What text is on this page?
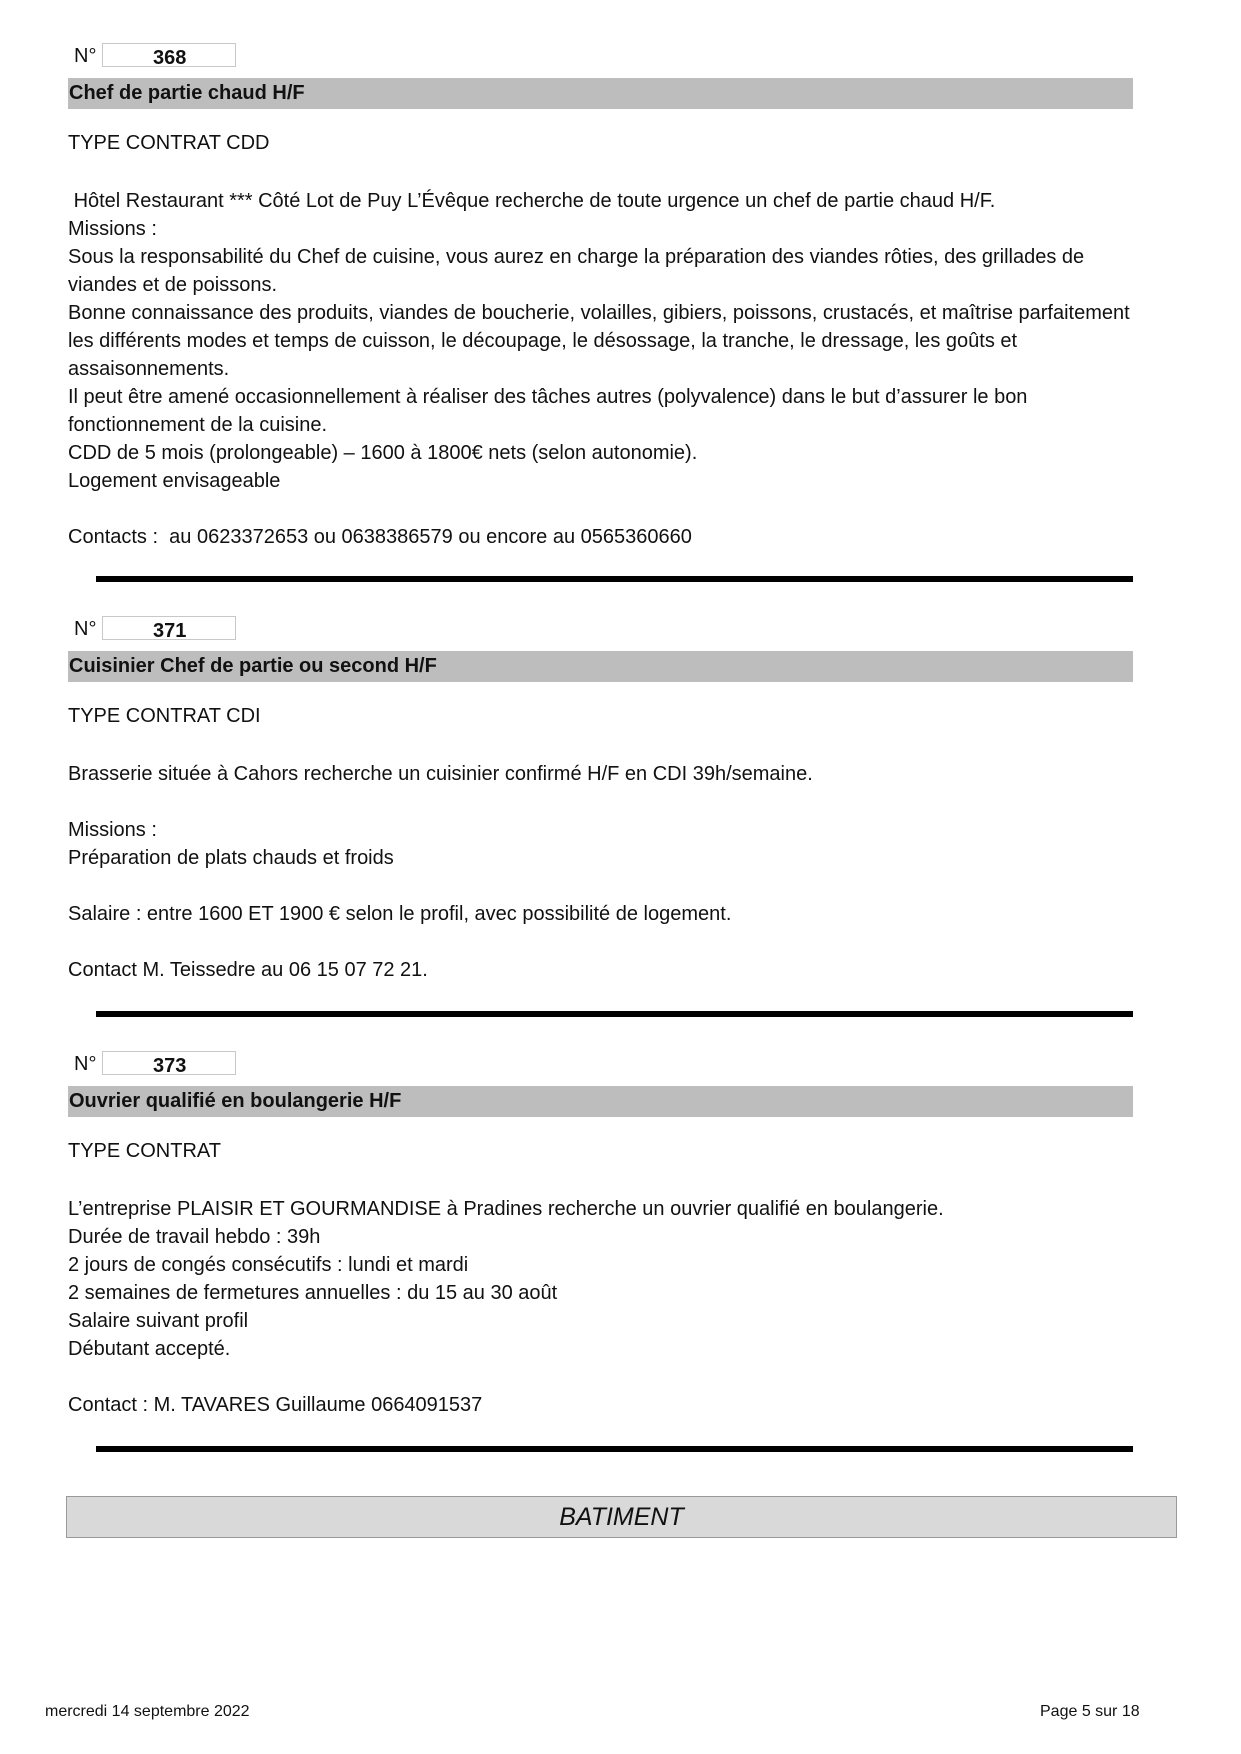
N°	368
Chef de partie chaud H/F
TYPE CONTRAT CDD
Hôtel Restaurant *** Côté Lot de Puy L’Évêque recherche de toute urgence un chef de partie chaud H/F.
Missions :
Sous la responsabilité du Chef de cuisine, vous aurez en charge la préparation des viandes rôties, des grillades de viandes et de poissons.
Bonne connaissance des produits, viandes de boucherie, volailles, gibiers, poissons, crustacés, et maîtrise parfaitement les différents modes et temps de cuisson, le découpage, le désossage, la tranche, le dressage, les goûts et assaisonnements.
Il peut être amené occasionnellement à réaliser des tâches autres (polyvalence) dans le but d’assurer le bon fonctionnement de la cuisine.
CDD de 5 mois (prolongeable) – 1600 à 1800€ nets (selon autonomie).
Logement envisageable

Contacts :  au 0623372653 ou 0638386579 ou encore au 0565360660
N°	371
Cuisinier Chef de partie ou second H/F
TYPE CONTRAT CDI
Brasserie située à Cahors recherche un cuisinier confirmé H/F en CDI 39h/semaine.

Missions :
Préparation de plats chauds et froids

Salaire : entre 1600 ET 1900 € selon le profil, avec possibilité de logement.

Contact M. Teissedre au 06 15 07 72 21.
N°	373
Ouvrier qualifié en boulangerie H/F
TYPE CONTRAT
L’entreprise PLAISIR ET GOURMANDISE à Pradines recherche un ouvrier qualifié en boulangerie.
Durée de travail hebdo : 39h
2 jours de congés consécutifs : lundi et mardi
2 semaines de fermetures annuelles : du 15 au 30 août
Salaire suivant profil
Débutant accepté.

Contact : M. TAVARES Guillaume 0664091537
BATIMENT
mercredi 14 septembre 2022	Page 5 sur 18
